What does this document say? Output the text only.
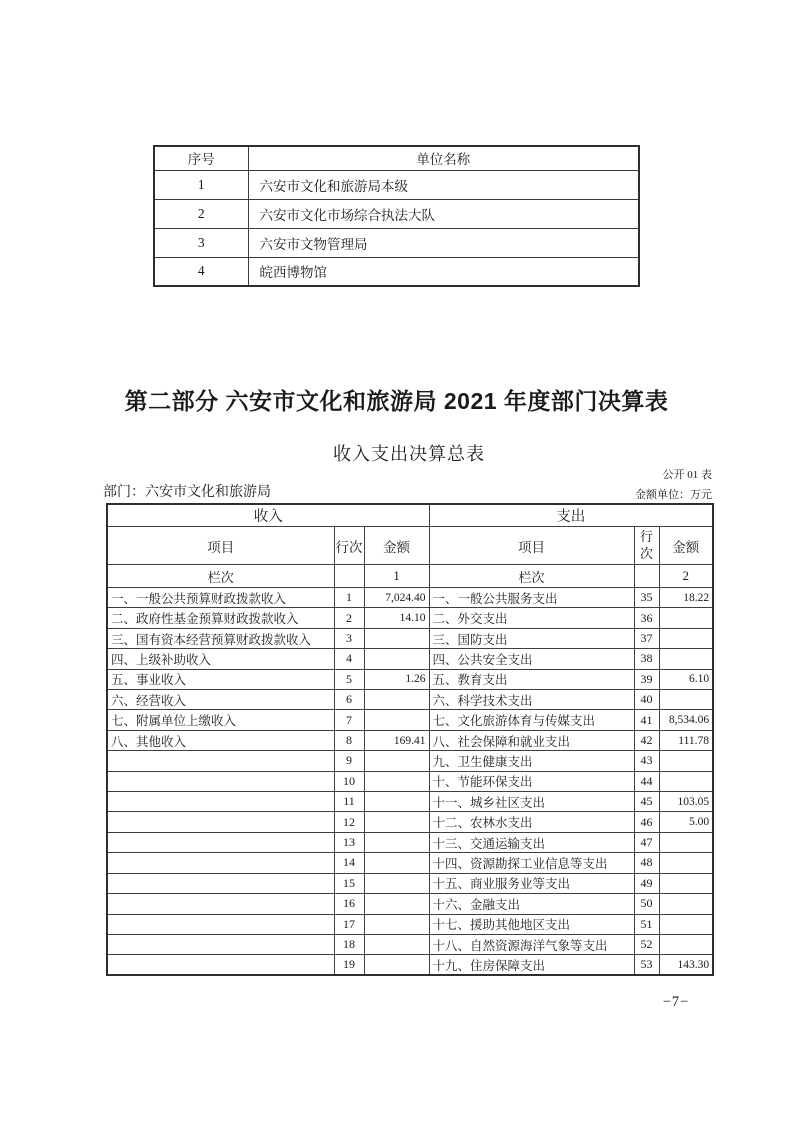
序号	单位名称
1	六安市文化和旅游局本级
2	六安市文化市场综合执法大队
3	六安市文物管理局
4	皖西博物馆
第二部分 六安市文化和旅游局 2021 年度部门决算表
收入支出决算总表
公开 01 表
部门：六安市文化和旅游局	金额单位：万元
收入			支出		
项目	行次	金额	项目	行次	金额
栏次		1	栏次		2
一、一般公共预算财政拨款收入	1	7,024.40	一、一般公共服务支出	35	18.22
二、政府性基金预算财政拨款收入	2	14.10	二、外交支出	36	
三、国有资本经营预算财政拨款收入	3		三、国防支出	37	
四、上级补助收入	4		四、公共安全支出	38	
五、事业收入	5	1.26	五、教育支出	39	6.10
六、经营收入	6		六、科学技术支出	40	
七、附属单位上缴收入	7		七、文化旅游体育与传媒支出	41	8,534.06
八、其他收入	8	169.41	八、社会保障和就业支出	42	111.78
	9		九、卫生健康支出	43	
	10		十、节能环保支出	44	
	11		十一、城乡社区支出	45	103.05
	12		十二、农林水支出	46	5.00
	13		十三、交通运输支出	47	
	14		十四、资源勘探工业信息等支出	48	
	15		十五、商业服务业等支出	49	
	16		十六、金融支出	50	
	17		十七、援助其他地区支出	51	
	18		十八、自然资源海洋气象等支出	52	
	19		十九、住房保障支出	53	143.30
−7−
